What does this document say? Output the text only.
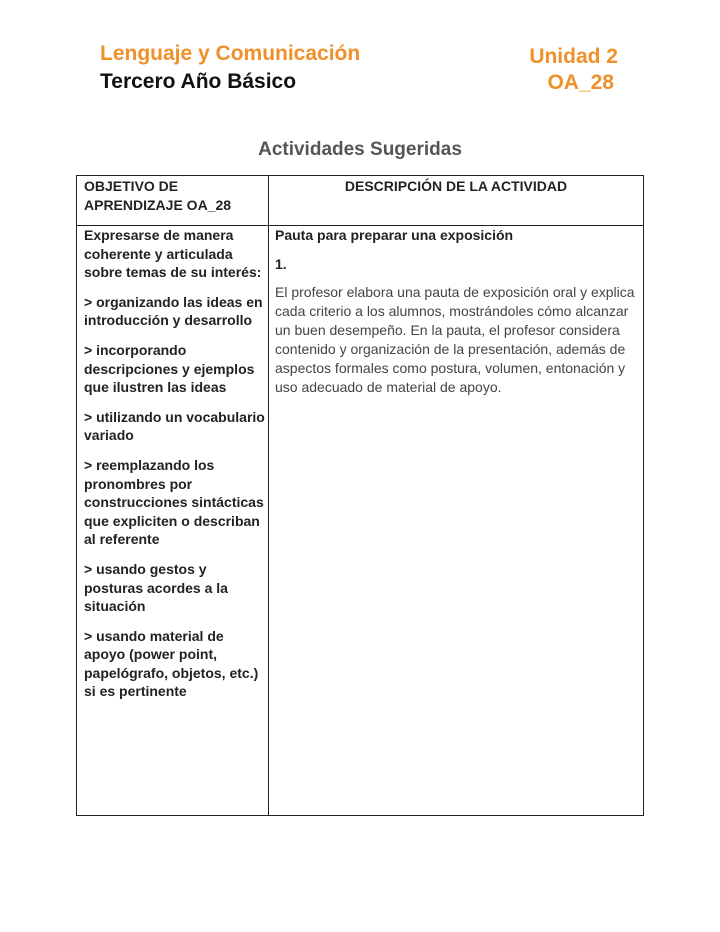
Lenguaje y Comunicación
Tercero Año Básico
Unidad 2
OA_28
Actividades Sugeridas
OBJETIVO DE APRENDIZAJE OA_28
DESCRIPCIÓN DE LA ACTIVIDAD

Expresarse de manera coherente y articulada sobre temas de su interés:

> organizando las ideas en introducción y desarrollo

> incorporando descripciones y ejemplos que ilustren las ideas

> utilizando un vocabulario variado

> reemplazando los pronombres por construcciones sintácticas que expliciten o describan al referente

> usando gestos y posturas acordes a la situación

> usando material de apoyo (power point, papelógrafo, objetos, etc.) si es pertinente

Pauta para preparar una exposición

1.

El profesor elabora una pauta de exposición oral y explica cada criterio a los alumnos, mostrándoles cómo alcanzar un buen desempeño. En la pauta, el profesor considera contenido y organización de la presentación, además de aspectos formales como postura, volumen, entonación y uso adecuado de material de apoyo.
